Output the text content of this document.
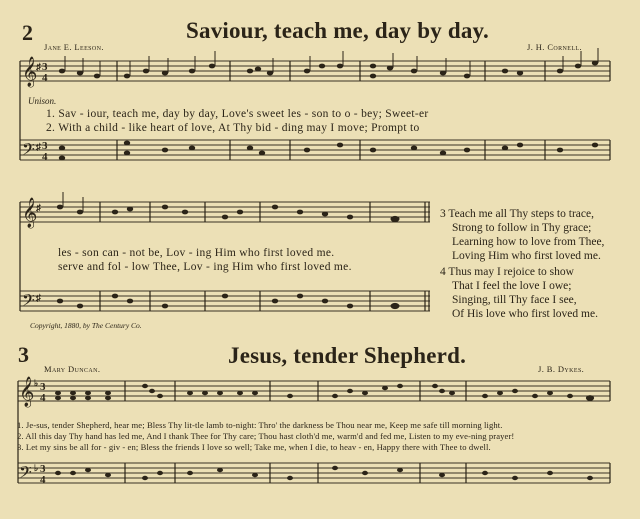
2	Saviour, teach me, day by day.
Jane E. Leeson.	J. H. Cornell.
𝄞
♯ 3
4
𝄢 ♯ 3
4
𝄞
♯
𝄢 ♯
𝄞 ♭ 3
4
𝄢 ♭ 3
4
Unison.
1. Sav - iour, teach me, day by day, Love's sweet les - son to o - bey; Sweet-er
2. With a child - like heart of love, At Thy bid - ding may I move; Prompt to
les - son can - not be, Lov - ing Him who first loved me.
serve and fol - low Thee, Lov - ing Him who first loved me.
Copyright, 1880, by The Century Co.
3 Teach me all Thy steps to trace,
Strong to follow in Thy grace;
Learning how to love from Thee,
Loving Him who first loved me.
4 Thus may I rejoice to show
That I feel the love I owe;
Singing, till Thy face I see,
Of His love who first loved me.
3	Jesus, tender Shepherd.
Mary Duncan.	J. B. Dykes.
1. Je-sus, tender Shepherd, hear me; Bless Thy lit-tle lamb to-night: Thro' the darkness be Thou near me, Keep me safe till morning light.
2. All this day Thy hand has led me, And I thank Thee for Thy care; Thou hast cloth'd me, warm'd and fed me, Listen to my eve-ning prayer!
3. Let my sins be all for - giv - en; Bless the friends I love so well; Take me, when I die, to heav - en, Happy there with Thee to dwell.
